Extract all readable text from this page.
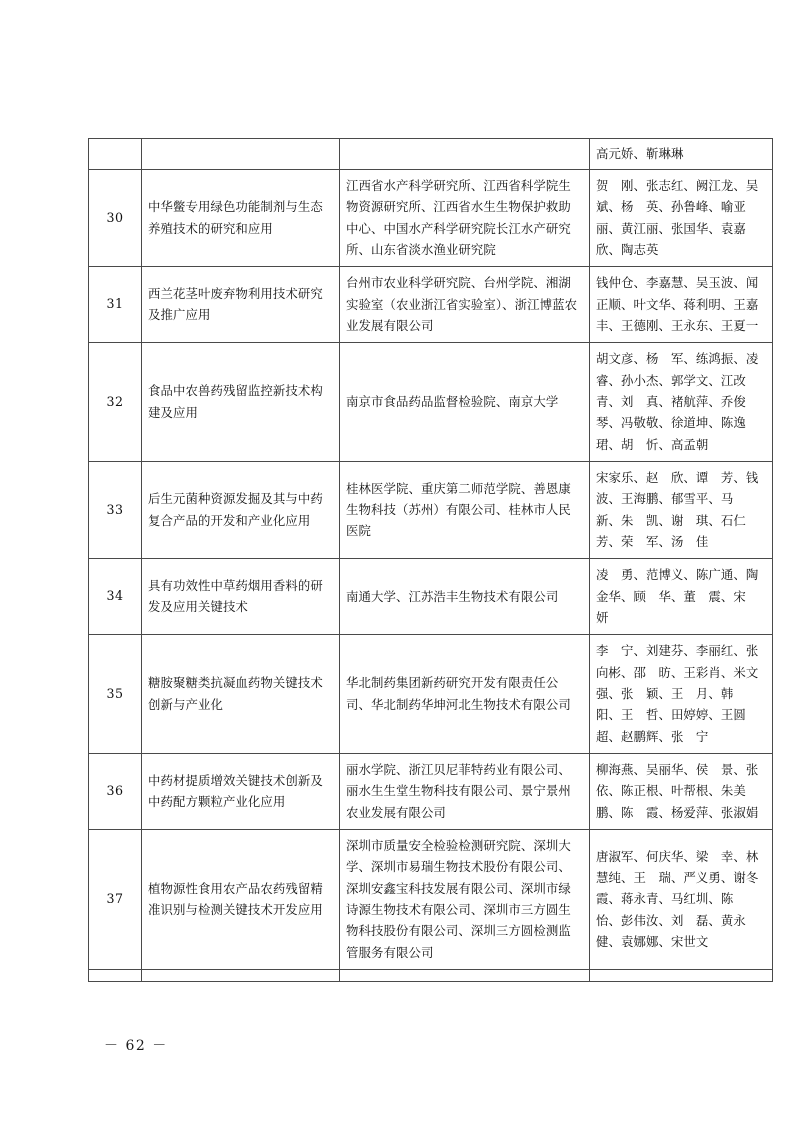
			高元娇、靳琳琳

30	中华鳖专用绿色功能制剂与生态养殖技术的研究和应用	江西省水产科学研究所、江西省科学院生物资源研究所、江西省水生生物保护救助中心、中国水产科学研究院长江水产研究所、山东省淡水渔业研究院	贺　刚、张志红、阙江龙、吴　斌、杨　英、孙鲁峰、喻亚丽、黄江丽、张国华、袁嘉欣、陶志英

31	西兰花茎叶废弃物利用技术研究及推广应用	台州市农业科学研究院、台州学院、湘湖实验室（农业浙江省实验室）、浙江博蓝农业发展有限公司	钱仲仓、李嘉慧、吴玉波、闻正顺、叶文华、蒋利明、王嘉丰、王德刚、王永东、王夏一

32	食品中农兽药残留监控新技术构建及应用	南京市食品药品监督检验院、南京大学	胡文彦、杨　军、练鸿振、凌　睿、孙小杰、郭学文、江改青、刘　真、褚航萍、乔俊琴、冯敬敬、徐道坤、陈逸珺、胡　忻、高孟朝

33	后生元菌种资源发掘及其与中药复合产品的开发和产业化应用	桂林医学院、重庆第二师范学院、善恩康生物科技（苏州）有限公司、桂林市人民医院	宋家乐、赵　欣、谭　芳、钱　波、王海鹏、郁雪平、马　新、朱　凯、谢　琪、石仁芳、荣　军、汤　佳

34	具有功效性中草药烟用香料的研发及应用关键技术	南通大学、江苏浩丰生物技术有限公司	凌　勇、范博义、陈广通、陶金华、顾　华、董　震、宋　妍

35	糖胺聚糖类抗凝血药物关键技术创新与产业化	华北制药集团新药研究开发有限责任公司、华北制药华坤河北生物技术有限公司	李　宁、刘建芬、李丽红、张向彬、邵　昉、王彩肖、米文强、张　颖、王　月、韩　阳、王　哲、田婷婷、王圆超、赵鹏辉、张　宁

36	中药材提质增效关键技术创新及中药配方颗粒产业化应用	丽水学院、浙江贝尼菲特药业有限公司、丽水生生堂生物科技有限公司、景宁景州农业发展有限公司	柳海燕、吴丽华、侯　景、张　依、陈正根、叶帮根、朱美鹏、陈　霞、杨爱萍、张淑娟

37	植物源性食用农产品农药残留精准识别与检测关键技术开发应用	深圳市质量安全检验检测研究院、深圳大学、深圳市易瑞生物技术股份有限公司、深圳安鑫宝科技发展有限公司、深圳市绿诗源生物技术有限公司、深圳市三方圆生物科技股份有限公司、深圳三方圆检测监管服务有限公司	唐淑军、何庆华、梁　幸、林慧纯、王　瑞、严义勇、谢冬霞、蒋永青、马红圳、陈　怡、彭伟汝、刘　磊、黄永健、袁娜娜、宋世文

－ 62 －
